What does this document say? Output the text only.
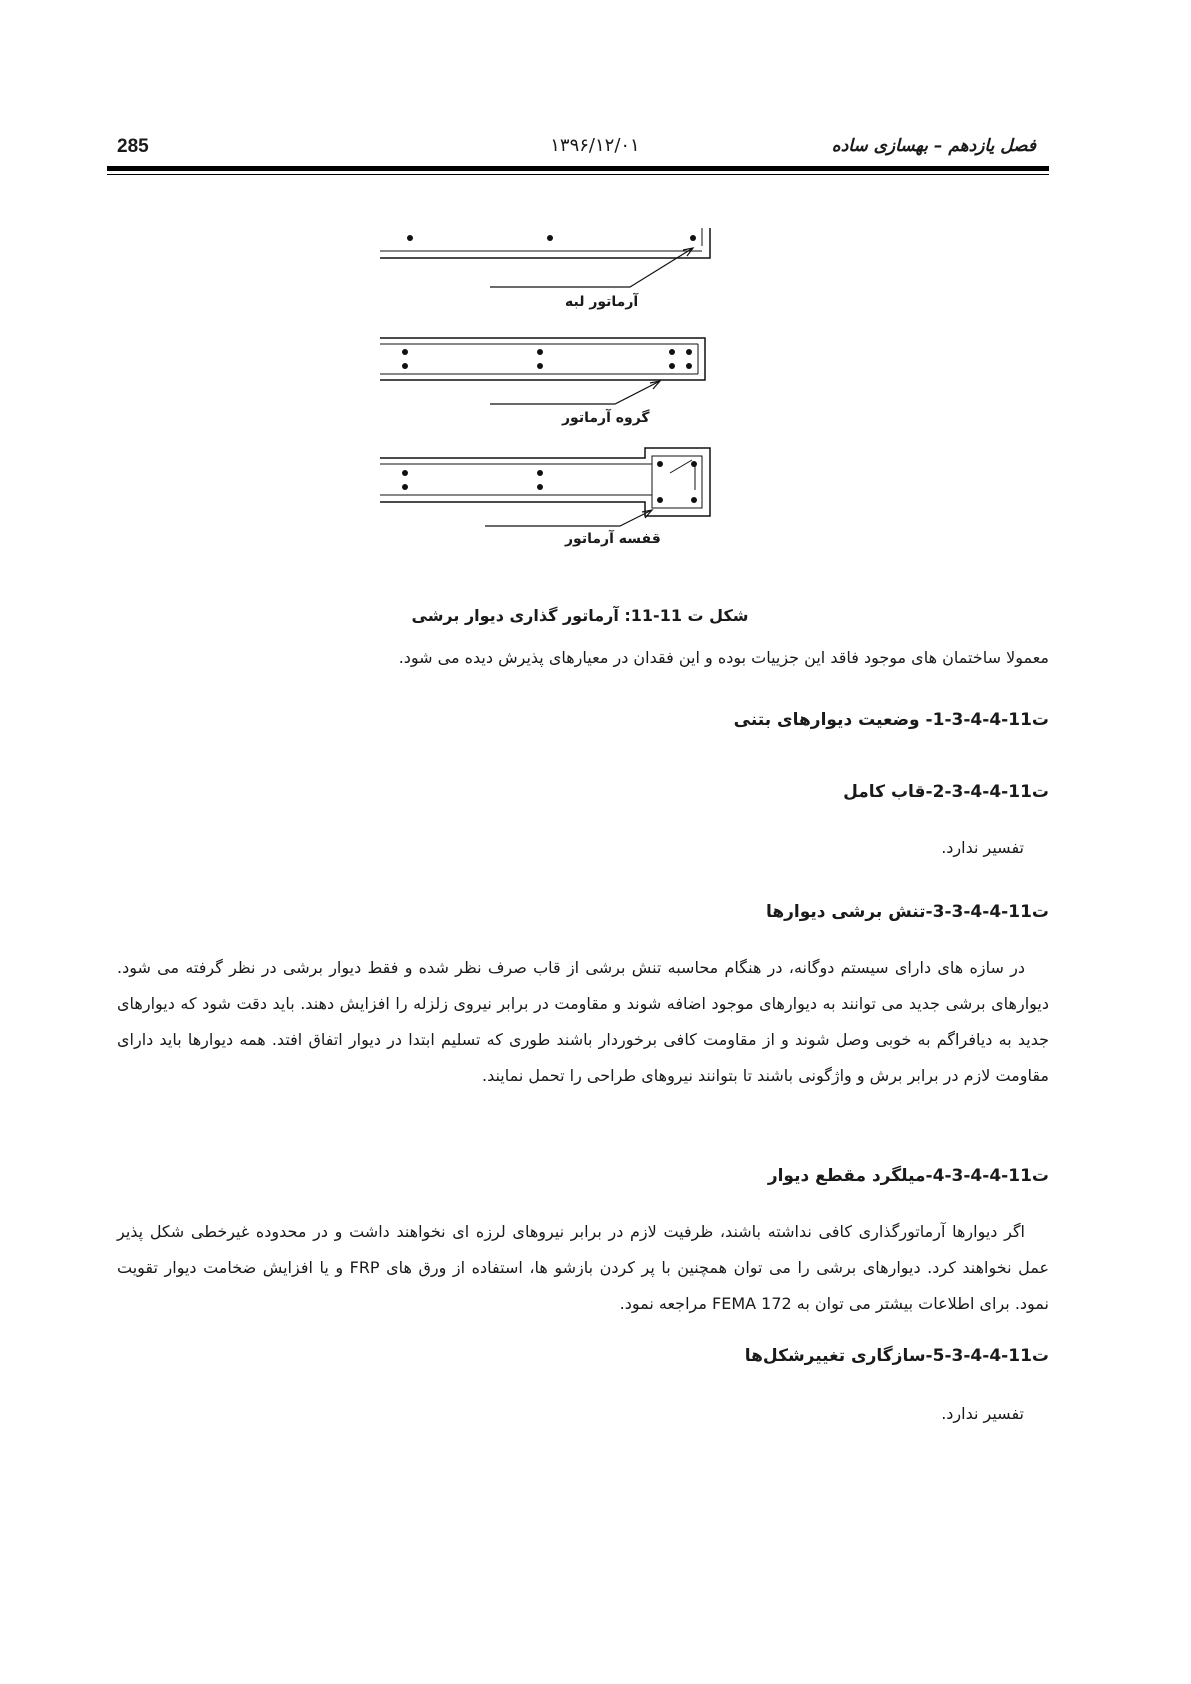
285	۱۳۹۶/۱۲/۰۱	فصل یازدهم – بهسازی ساده
آرماتور لبه
گروه آرماتور
قفسه آرماتور
شکل ت 11-11: آرماتور گذاری دیوار برشی
معمولا ساختمان های موجود فاقد این جزییات بوده و این فقدان در معیارهای پذیرش دیده می شود.
ت11-4-4-3-1- وضعیت دیوارهای بتنی
ت11-4-4-3-2-قاب کامل
تفسیر ندارد.
ت11-4-4-3-3-تنش برشی دیوارها
در سازه های دارای سیستم دوگانه، در هنگام محاسبه تنش برشی از قاب صرف نظر شده و فقط دیوار برشی در نظر گرفته می شود. دیوارهای برشی جدید می توانند به دیوارهای موجود اضافه شوند و مقاومت در برابر نیروی زلزله را افزایش دهند. باید دقت شود که دیوارهای جدید به دیافراگم به خوبی وصل شوند و از مقاومت کافی برخوردار باشند طوری که تسلیم ابتدا در دیوار اتفاق افتد. همه دیوارها باید دارای مقاومت لازم در برابر برش و واژگونی باشند تا بتوانند نیروهای طراحی را تحمل نمایند.
ت11-4-4-3-4-میلگرد مقطع دیوار
اگر دیوارها آرماتورگذاری کافی نداشته باشند، ظرفیت لازم در برابر نیروهای لرزه ای نخواهند داشت و در محدوده غیرخطی شکل پذیر عمل نخواهند کرد. دیوارهای برشی را می توان همچنین با پر کردن بازشو ها، استفاده از ورق های FRP و یا افزایش ضخامت دیوار تقویت نمود. برای اطلاعات بیشتر می توان به FEMA 172 مراجعه نمود.
ت11-4-4-3-5-سازگاری تغییرشکل‌ها
تفسیر ندارد.
